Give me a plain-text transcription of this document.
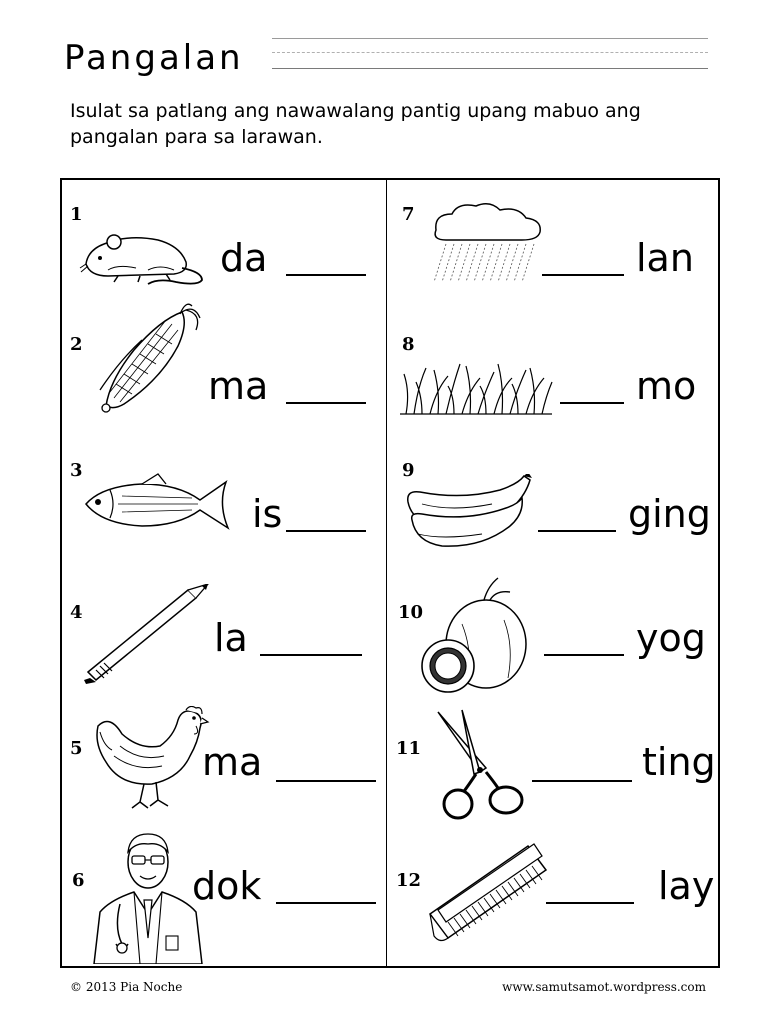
Pangalan
Isulat sa patlang ang nawawalang pantig upang mabuo ang pangalan para sa larawan.
1
da
2
ma
3
is
4
la
5	ma
6	dok
7
lan
8
mo
9
ging
10
yog
11	ting
12	lay
© 2013 Pia Noche	www.samutsamot.wordpress.com
